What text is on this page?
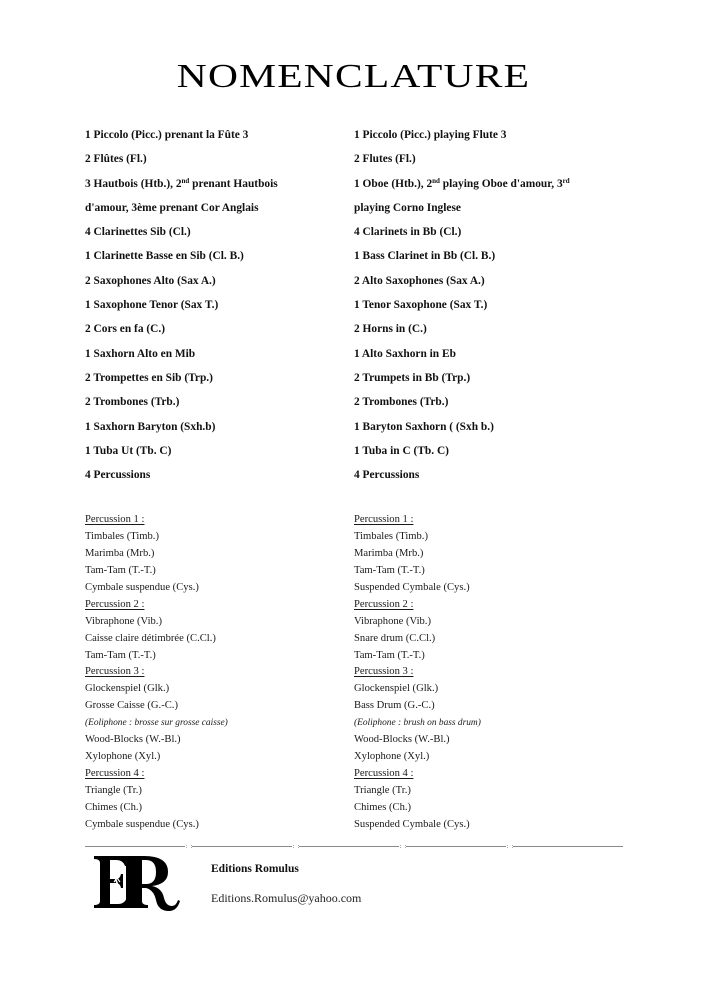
NOMENCLATURE
1 Piccolo (Picc.) prenant la Fûte 3
2 Flûtes (Fl.)
3 Hautbois (Htb.), 2nd prenant Hautbois
d'amour, 3ème prenant Cor Anglais
4 Clarinettes Sib (Cl.)
1 Clarinette Basse en Sib (Cl. B.)
2 Saxophones Alto (Sax A.)
1 Saxophone Tenor (Sax T.)
2 Cors en fa (C.)
1 Saxhorn Alto en Mib
2 Trompettes en Sib (Trp.)
2 Trombones (Trb.)
1 Saxhorn Baryton (Sxh.b)
1 Tuba Ut (Tb. C)
4 Percussions
1 Piccolo (Picc.) playing Flute 3
2 Flutes (Fl.)
1 Oboe (Htb.), 2nd playing Oboe d'amour, 3rd
playing Corno Inglese
4 Clarinets in Bb (Cl.)
1 Bass Clarinet in Bb (Cl. B.)
2 Alto Saxophones (Sax A.)
1 Tenor Saxophone (Sax T.)
2 Horns in (C.)
1 Alto Saxhorn in Eb
2 Trumpets in Bb (Trp.)
2 Trombones (Trb.)
1 Baryton Saxhorn ( (Sxh b.)
1 Tuba in C (Tb. C)
4 Percussions
Percussion 1 :
Timbales (Timb.)
Marimba (Mrb.)
Tam-Tam (T.-T.)
Cymbale suspendue (Cys.)
Percussion 2 :
Vibraphone (Vib.)
Caisse claire détimbrée (C.Cl.)
Tam-Tam (T.-T.)
Percussion 3 :
Glockenspiel (Glk.)
Grosse Caisse (G.-C.)
(Eoliphone : brosse sur grosse caisse)
Wood-Blocks (W.-Bl.)
Xylophone (Xyl.)
Percussion 4 :
Triangle (Tr.)
Chimes (Ch.)
Cymbale suspendue (Cys.)
Percussion 1 :
Timbales (Timb.)
Marimba (Mrb.)
Tam-Tam (T.-T.)
Suspended Cymbale (Cys.)
Percussion 2 :
Vibraphone (Vib.)
Snare drum (C.Cl.)
Tam-Tam (T.-T.)
Percussion 3 :
Glockenspiel (Glk.)
Bass Drum (G.-C.)
(Eoliphone : brush on bass drum)
Wood-Blocks (W.-Bl.)
Xylophone (Xyl.)
Percussion 4 :
Triangle (Tr.)
Chimes (Ch.)
Suspended Cymbale (Cys.)
Editions Romulus
Editions.Romulus@yahoo.com
